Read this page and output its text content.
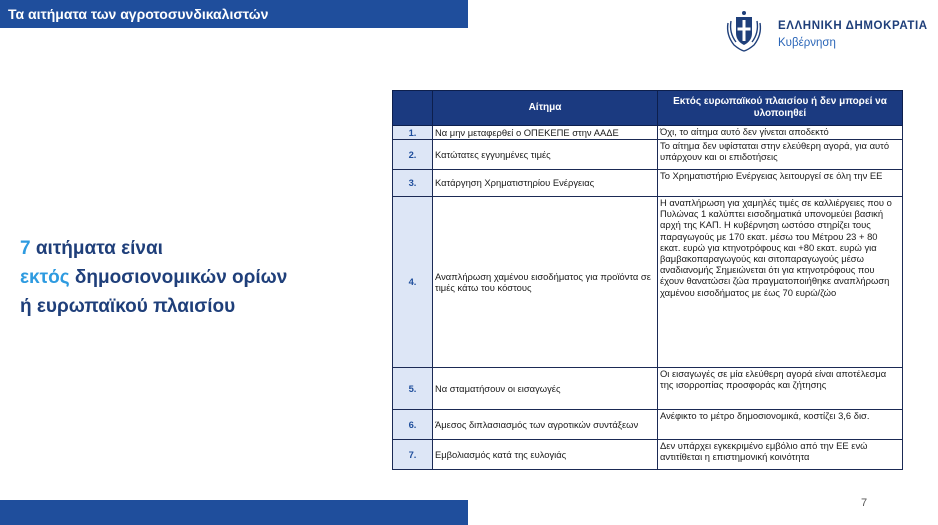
Τα αιτήματα των αγροτοσυνδικαλιστών
ΕΛΛΗΝΙΚΗ ΔΗΜΟΚΡΑΤΙΑ
Κυβέρνηση
7 αιτήματα είναι
εκτός δημοσιονομικών ορίων
ή ευρωπαϊκού πλαισίου
	Αίτημα	Εκτός ευρωπαϊκού πλαισίου ή δεν μπορεί να υλοποιηθεί
1.	Να μην μεταφερθεί ο ΟΠΕΚΕΠΕ στην ΑΑΔΕ	Όχι, το αίτημα αυτό δεν γίνεται αποδεκτό
2.	Κατώτατες εγγυημένες τιμές	Το αίτημα δεν υφίσταται στην ελεύθερη αγορά, για αυτό υπάρχουν και οι επιδοτήσεις
3.	Κατάργηση Χρηματιστηρίου Ενέργειας	Το Χρηματιστήριο Ενέργειας λειτουργεί σε όλη την ΕΕ
4.	Αναπλήρωση χαμένου εισοδήματος για προϊόντα σε τιμές κάτω του κόστους	Η αναπλήρωση για χαμηλές τιμές σε καλλιέργειες που ο Πυλώνας 1 καλύπτει εισοδηματικά υπονομεύει βασική αρχή της ΚΑΠ. Η κυβέρνηση ωστόσο στηρίζει τους παραγωγούς με 170 εκατ. μέσω του Μέτρου 23 + 80 εκατ. ευρώ για κτηνοτρόφους και +80 εκατ. ευρώ για βαμβακοπαραγωγούς και σιτοπαραγωγούς μέσω αναδιανομής Σημειώνεται ότι για κτηνοτρόφους που έχουν θανατώσει ζώα πραγματοποιήθηκε αναπλήρωση χαμένου εισοδήματος με έως 70 ευρώ/ζώο
5.	Να σταματήσουν οι εισαγωγές	Οι εισαγωγές σε μία ελεύθερη αγορά είναι αποτέλεσμα της ισορροπίας προσφοράς και ζήτησης
6.	Άμεσος διπλασιασμός των αγροτικών συντάξεων	Ανέφικτο το μέτρο δημοσιονομικά, κοστίζει 3,6 δισ.
7.	Εμβολιασμός κατά της ευλογιάς	Δεν υπάρχει εγκεκριμένο εμβόλιο από την ΕΕ ενώ αντιτίθεται η επιστημονική κοινότητα
7
